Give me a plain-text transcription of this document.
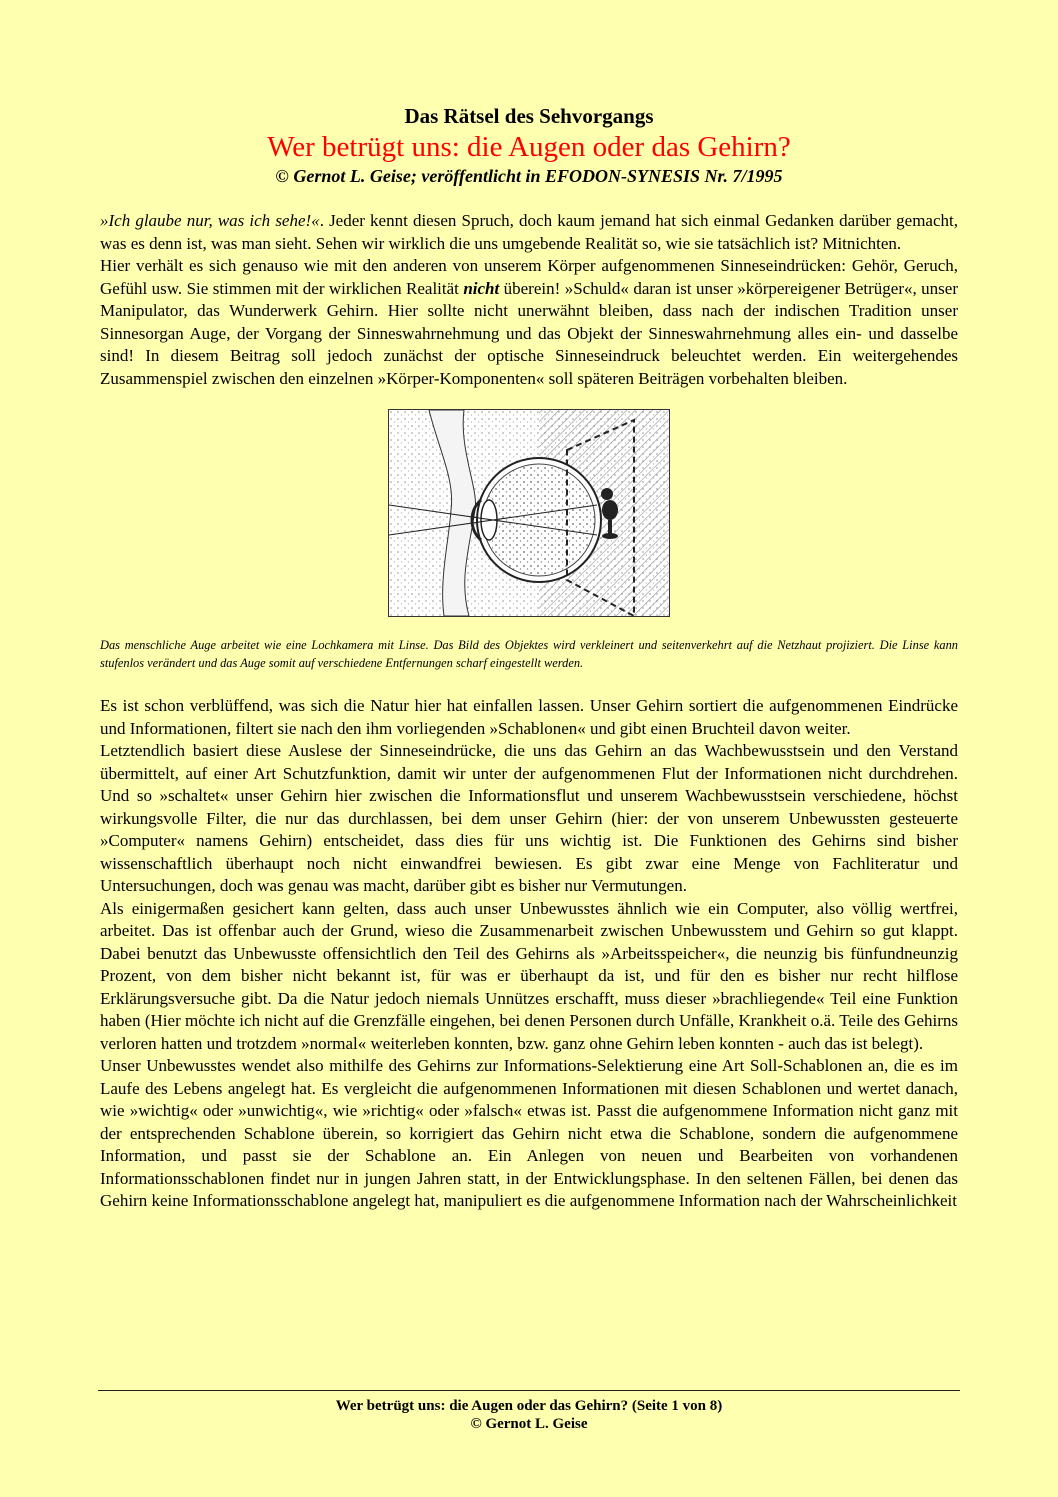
Das Rätsel des Sehvorgangs

Wer betrügt uns: die Augen oder das Gehirn?

© Gernot L. Geise; veröffentlicht in EFODON-SYNESIS Nr. 7/1995

»Ich glaube nur, was ich sehe!«. Jeder kennt diesen Spruch, doch kaum jemand hat sich einmal Gedanken darüber gemacht, was es denn ist, was man sieht. Sehen wir wirklich die uns umgebende Realität so, wie sie tatsächlich ist? Mitnichten.

Hier verhält es sich genauso wie mit den anderen von unserem Körper aufgenommenen Sinneseindrücken: Gehör, Geruch, Gefühl usw. Sie stimmen mit der wirklichen Realität nicht überein! »Schuld« daran ist unser »körpereigener Betrüger«, unser Manipulator, das Wunderwerk Gehirn. Hier sollte nicht unerwähnt bleiben, dass nach der indischen Tradition unser Sinnesorgan Auge, der Vorgang der Sinneswahrnehmung und das Objekt der Sinneswahrnehmung alles ein- und dasselbe sind! In diesem Beitrag soll jedoch zunächst der optische Sinneseindruck beleuchtet werden. Ein weitergehendes Zusammenspiel zwischen den einzelnen »Körper-Komponenten« soll späteren Beiträgen vorbehalten bleiben.

Das menschliche Auge arbeitet wie eine Lochkamera mit Linse. Das Bild des Objektes wird verkleinert und seitenverkehrt auf die Netzhaut projiziert. Die Linse kann stufenlos verändert und das Auge somit auf verschiedene Entfernungen scharf eingestellt werden.

Es ist schon verblüffend, was sich die Natur hier hat einfallen lassen. Unser Gehirn sortiert die aufgenommenen Eindrücke und Informationen, filtert sie nach den ihm vorliegenden »Schablonen« und gibt einen Bruchteil davon weiter.

Letztendlich basiert diese Auslese der Sinneseindrücke, die uns das Gehirn an das Wachbewusstsein und den Verstand übermittelt, auf einer Art Schutzfunktion, damit wir unter der aufgenommenen Flut der Informationen nicht durchdrehen. Und so »schaltet« unser Gehirn hier zwischen die Informationsflut und unserem Wachbewusstsein verschiedene, höchst wirkungsvolle Filter, die nur das durchlassen, bei dem unser Gehirn (hier: der von unserem Unbewussten gesteuerte »Computer« namens Gehirn) entscheidet, dass dies für uns wichtig ist. Die Funktionen des Gehirns sind bisher wissenschaftlich überhaupt noch nicht einwandfrei bewiesen. Es gibt zwar eine Menge von Fachliteratur und Untersuchungen, doch was genau was macht, darüber gibt es bisher nur Vermutungen.

Als einigermaßen gesichert kann gelten, dass auch unser Unbewusstes ähnlich wie ein Computer, also völlig wertfrei, arbeitet. Das ist offenbar auch der Grund, wieso die Zusammenarbeit zwischen Unbewusstem und Gehirn so gut klappt. Dabei benutzt das Unbewusste offensichtlich den Teil des Gehirns als »Arbeitsspeicher«, die neunzig bis fünfundneunzig Prozent, von dem bisher nicht bekannt ist, für was er überhaupt da ist, und für den es bisher nur recht hilflose Erklärungsversuche gibt. Da die Natur jedoch niemals Unnützes erschafft, muss dieser »brachliegende« Teil eine Funktion haben (Hier möchte ich nicht auf die Grenzfälle eingehen, bei denen Personen durch Unfälle, Krankheit o.ä. Teile des Gehirns verloren hatten und trotzdem »normal« weiterleben konnten, bzw. ganz ohne Gehirn leben konnten - auch das ist belegt).

Unser Unbewusstes wendet also mithilfe des Gehirns zur Informations-Selektierung eine Art Soll-Schablonen an, die es im Laufe des Lebens angelegt hat. Es vergleicht die aufgenommenen Informationen mit diesen Schablonen und wertet danach, wie »wichtig« oder »unwichtig«, wie »richtig« oder »falsch« etwas ist. Passt die aufgenommene Information nicht ganz mit der entsprechenden Schablone überein, so korrigiert das Gehirn nicht etwa die Schablone, sondern die aufgenommene Information, und passt sie der Schablone an. Ein Anlegen von neuen und Bearbeiten von vorhandenen Informationsschablonen findet nur in jungen Jahren statt, in der Entwicklungsphase. In den seltenen Fällen, bei denen das Gehirn keine Informationsschablone angelegt hat, manipuliert es die aufgenommene Information nach der Wahrscheinlichkeit

Wer betrügt uns: die Augen oder das Gehirn? (Seite 1 von 8)
© Gernot L. Geise
